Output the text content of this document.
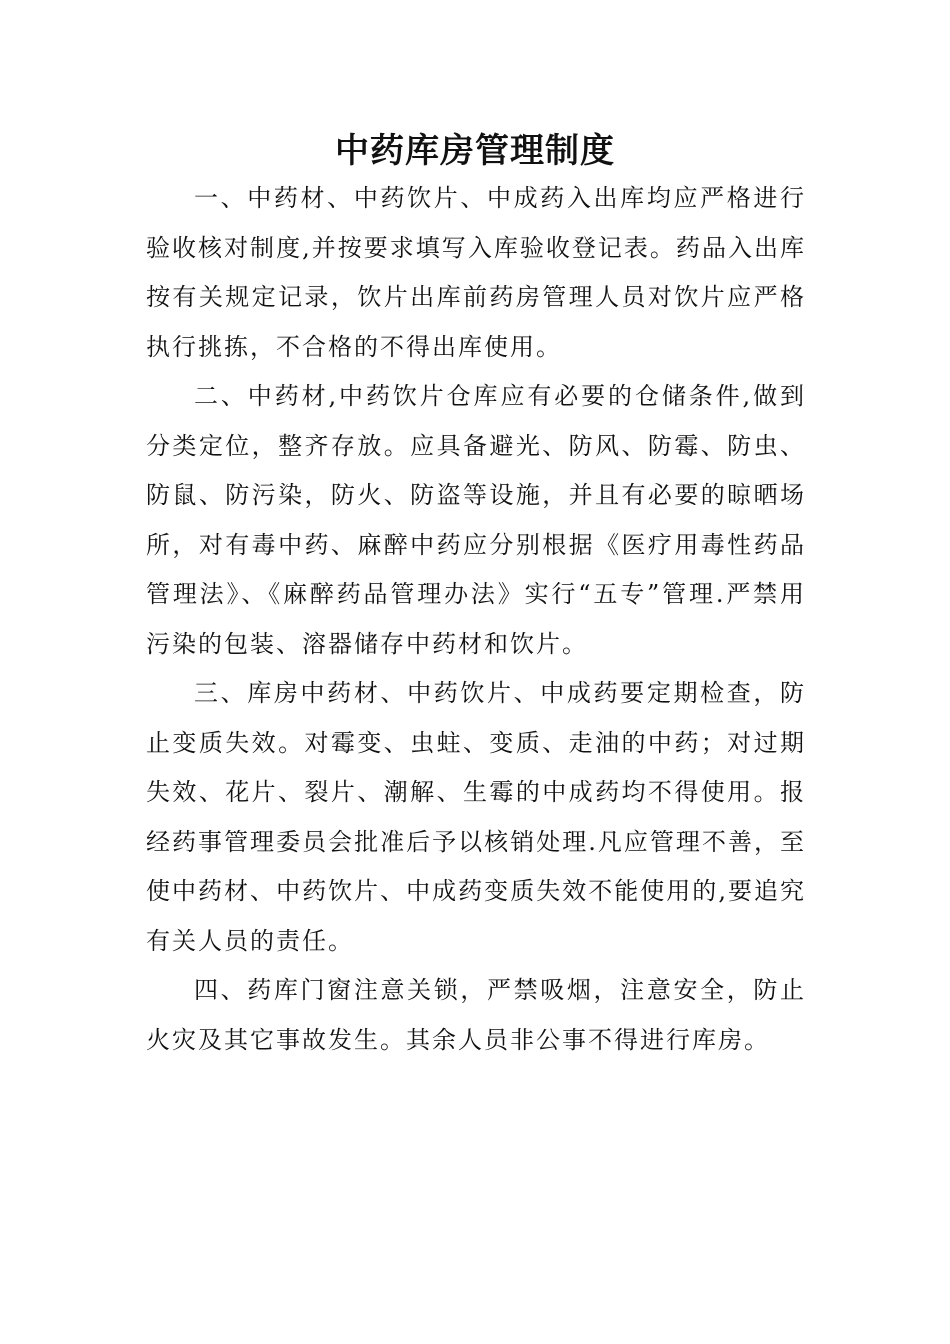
中药库房管理制度

一、中药材、中药饮片、中成药入出库均应严格进行验收核对制度,并按要求填写入库验收登记表。药品入出库按有关规定记录，饮片出库前药房管理人员对饮片应严格执行挑拣，不合格的不得出库使用。

二、中药材,中药饮片仓库应有必要的仓储条件,做到分类定位，整齐存放。应具备避光、防风、防霉、防虫、防鼠、防污染，防火、防盗等设施，并且有必要的晾晒场所，对有毒中药、麻醉中药应分别根据《医疗用毒性药品管理法》、《麻醉药品管理办法》实行“五专”管理.严禁用污染的包装、溶器储存中药材和饮片。

三、库房中药材、中药饮片、中成药要定期检查，防止变质失效。对霉变、虫蛀、变质、走油的中药；对过期失效、花片、裂片、潮解、生霉的中成药均不得使用。报经药事管理委员会批准后予以核销处理.凡应管理不善，至使中药材、中药饮片、中成药变质失效不能使用的,要追究有关人员的责任。

四、药库门窗注意关锁，严禁吸烟，注意安全，防止火灾及其它事故发生。其余人员非公事不得进行库房。
